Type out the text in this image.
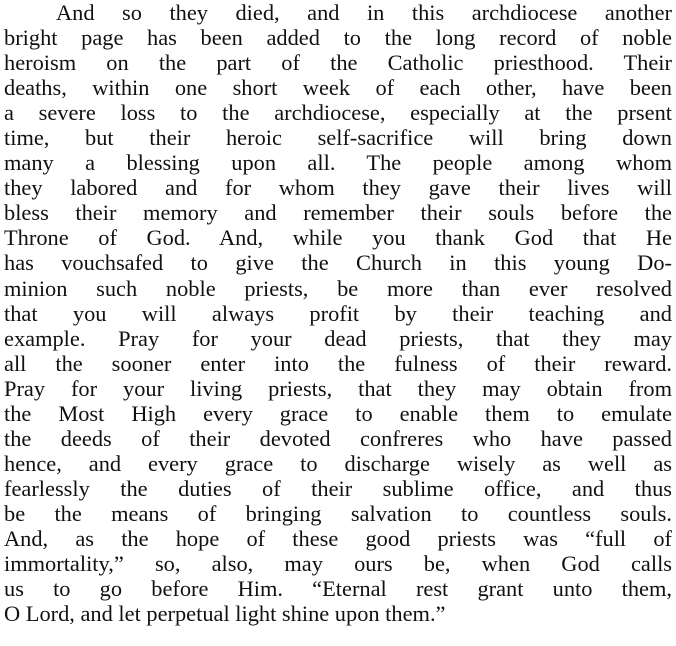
And so they died, and in this archdiocese another
bright page has been added to the long record of noble
heroism on the part of the Catholic priesthood. Their
deaths, within one short week of each other, have been
a severe loss to the archdiocese, especially at the prsent
time, but their heroic self-sacrifice will bring down
many a blessing upon all. The people among whom
they labored and for whom they gave their lives will
bless their memory and remember their souls before the
Throne of God. And, while you thank God that He
has vouchsafed to give the Church in this young Do-
minion such noble priests, be more than ever resolved
that you will always profit by their teaching and
example. Pray for your dead priests, that they may
all the sooner enter into the fulness of their reward.
Pray for your living priests, that they may obtain from
the Most High every grace to enable them to emulate
the deeds of their devoted confreres who have passed
hence, and every grace to discharge wisely as well as
fearlessly the duties of their sublime office, and thus
be the means of bringing salvation to countless souls.
And, as the hope of these good priests was “full of
immortality,” so, also, may ours be, when God calls
us to go before Him. “Eternal rest grant unto them,
O Lord, and let perpetual light shine upon them.”
